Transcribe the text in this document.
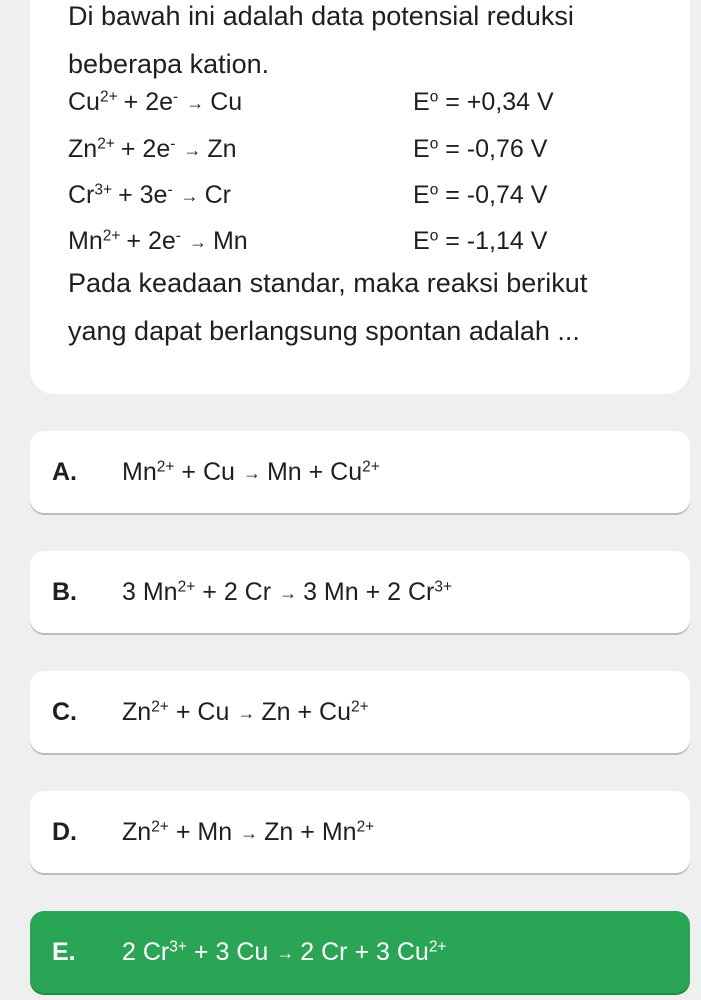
Di bawah ini adalah data potensial reduksi
beberapa kation.
$Cu^{2+} + 2e^- \to Cu$	$E^o = +0,34$ V
$Zn^{2+} + 2e^- \to Zn$	$E^o = -0,76$ V
$Cr^{3+} + 3e^- \to Cr$	$E^o = -0,74$ V
$Mn^{2+} + 2e^- \to Mn$	$E^o = -1,14$ V
Pada keadaan standar, maka reaksi berikut
yang dapat berlangsung spontan adalah ...
A. $Mn^{2+} + Cu \to Mn + Cu^{2+}$
B. 3 $Mn^{2+} + 2$ Cr → 3 Mn + 2 $Cr^{3+}$
C. $Zn^{2+} + Cu \to Zn + Cu^{2+}$
D. $Zn^{2+} + Mn \to Zn + Mn^{2+}$
E. 2 $Cr^{3+} + 3$ Cu → 2 Cr + 3 $Cu^{2+}$
